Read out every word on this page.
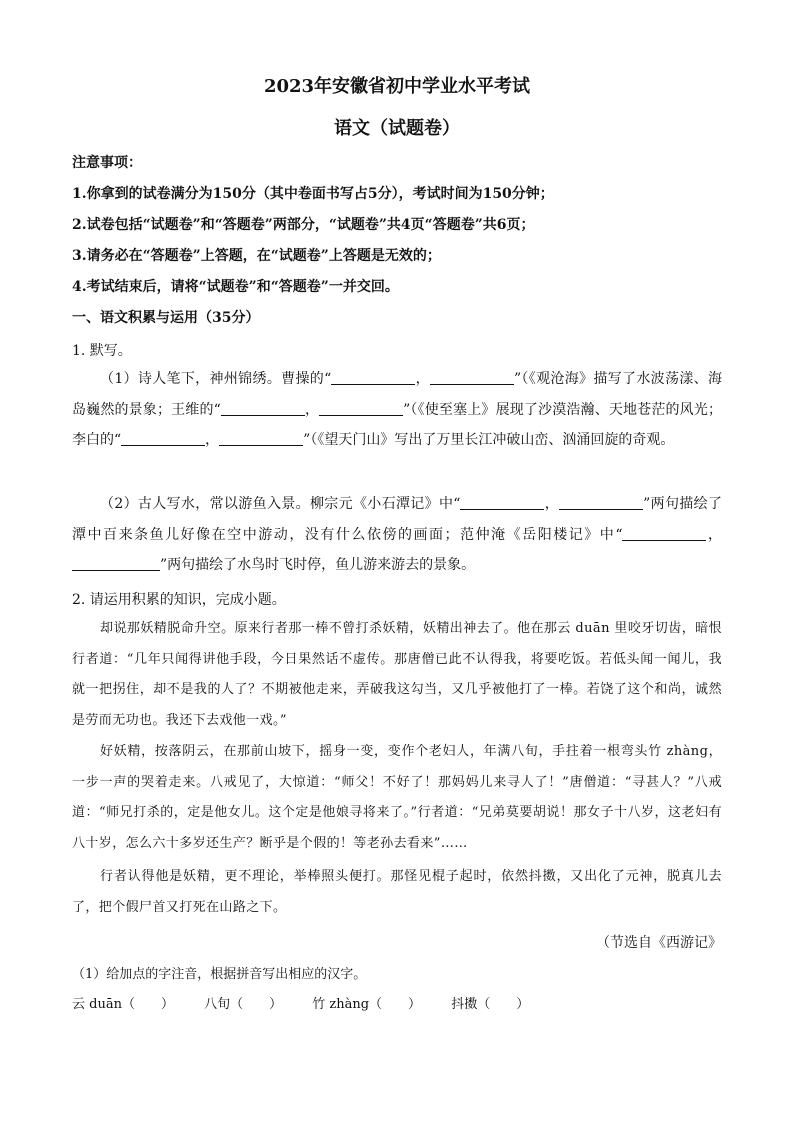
2023年安徽省初中学业水平考试
语文（试题卷）
注意事项：
1.你拿到的试卷满分为150分（其中卷面书写占5分），考试时间为150分钟；
2.试卷包括“试题卷”和“答题卷”两部分，“试题卷”共4页“答题卷”共6页；
3.请务必在“答题卷”上答题，在“试题卷”上答题是无效的；
4.考试结束后，请将“试题卷”和“答题卷”一并交回。
一、语文积累与运用（35分）
1. 默写。
（1）诗人笔下，神州锦绣。曹操的“	，	”（《观沧海》描写了水波荡漾、海岛巍然的景象；王维的“	，	”（《使至塞上》展现了沙漠浩瀚、天地苍茫的风光；李白的“	，	”（《望天门山》写出了万里长江冲破山峦、汹涌回旋的奇观。
（2）古人写水，常以游鱼入景。柳宗元《小石潭记》中“	，	”两句描绘了潭中百来条鱼儿好像在空中游动，没有什么依傍的画面；范仲淹《岳阳楼记》中“	，”两句描绘了水鸟时飞时停，鱼儿游来游去的景象。
2. 请运用积累的知识，完成小题。
却说那妖精脱命升空。原来行者那一棒不曾打杀妖精，妖精出神去了。他在那云 duān 里咬牙切齿，暗恨行者道：“几年只闻得讲他手段，今日果然话不虚传。那唐僧已此不认得我，将要吃饭。若低头闻一闻儿，我就一把拐住，却不是我的人了？不期被他走来，弄破我这勾当，又几乎被他打了一棒。若饶了这个和尚，诚然是劳而无功也。我还下去戏他一戏。”
好妖精，按落阴云，在那前山坡下，摇身一变，变作个老妇人，年满八旬，手拄着一根弯头竹 zhàng，一步一声的哭着走来。八戒见了，大惊道：“师父！不好了！那妈妈儿来寻人了！”唐僧道：“寻甚人？”八戒道：“师兄打杀的，定是他女儿。这个定是他娘寻将来了。”行者道：“兄弟莫要胡说！那女子十八岁，这老妇有八十岁，怎么六十多岁还生产？断乎是个假的！等老孙去看来”……
行者认得他是妖精，更不理论，举棒照头便打。那怪见棍子起时，依然抖擞，又出化了元神，脱真儿去了，把个假尸首又打死在山路之下。
（节选自《西游记》
（1）给加点的字注音，根据拼音写出相应的汉字。
云 duān（　　） 八旬（　　） 竹 zhàng（　　） 抖擞（　　）
